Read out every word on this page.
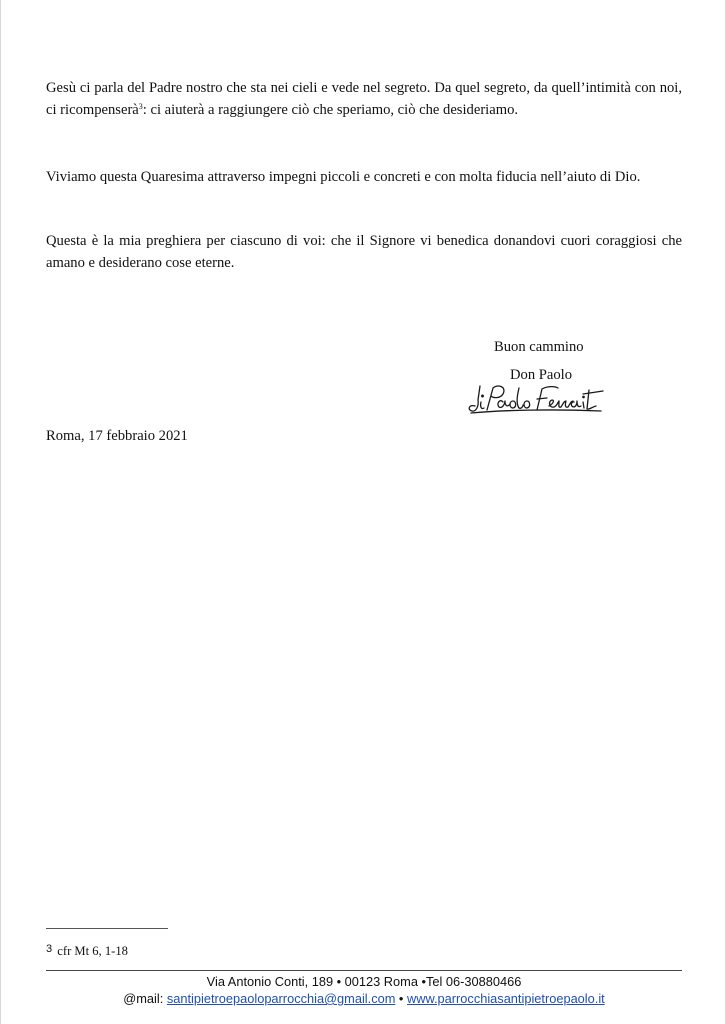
Gesù ci parla del Padre nostro che sta nei cieli e vede nel segreto. Da quel segreto, da quell’intimità con noi, ci ricompenserà$^3$: ci aiuterà a raggiungere ciò che speriamo, ciò che desideriamo.

Viviamo questa Quaresima attraverso impegni piccoli e concreti e con molta fiducia nell’aiuto di Dio.

Questa è la mia preghiera per ciascuno di voi: che il Signore vi benedica donandovi cuori coraggiosi che amano e desiderano cose eterne.

Buon cammino
Don Paolo
Roma, 17 febbraio 2021
3 cfr Mt 6, 1-18
Via Antonio Conti, 189 • 00123 Roma •Tel 06-30880466
@mail: santipietroepaoloparrocchia@gmail.com • www.parrocchiasantipietroepaolo.it
